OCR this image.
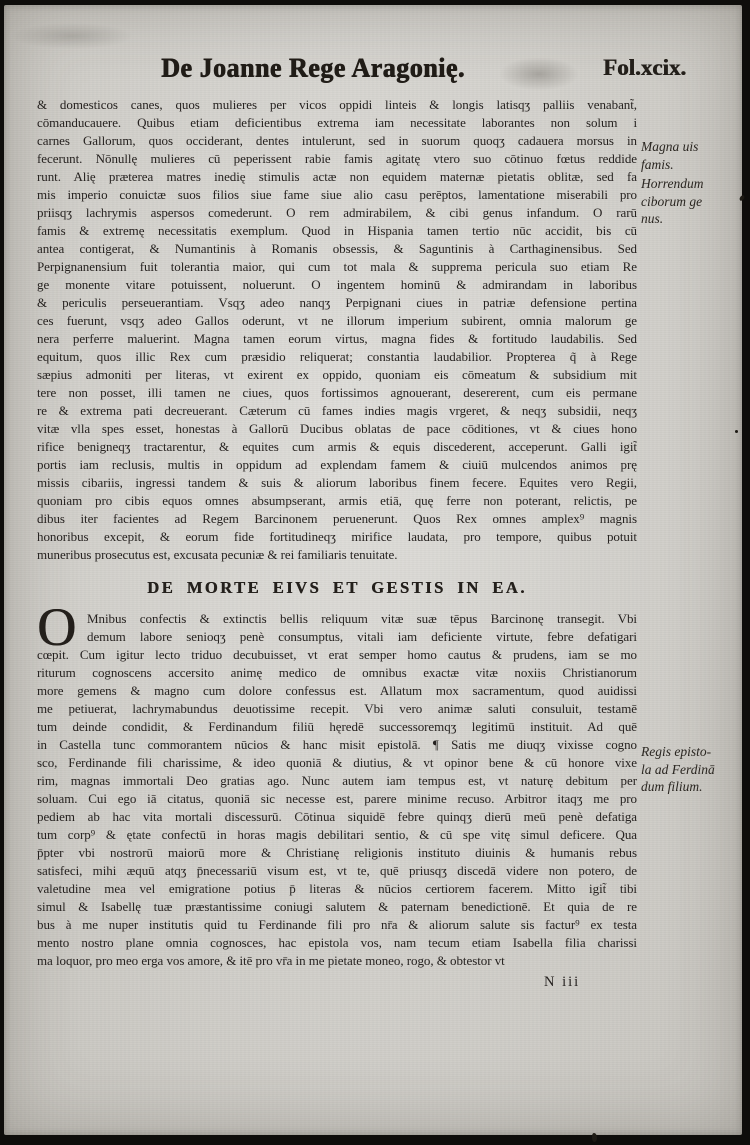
De Joanne Rege Aragonię.	Fol.xcix.
& domesticos canes, quos mulieres per vicos oppidi linteis & longis latisqʒ palliis venabant̃,
cōmanducauere. Quibus etiam deficientibus extrema iam necessitate laborantes non solum i
carnes Gallorum, quos occiderant, dentes intulerunt, sed in suorum quoqʒ cadauera morsus in
fecerunt. Nōnullę mulieres cū peperissent rabie famis agitatę vtero suo cōtinuo fœtus reddide
runt. Alię præterea matres inedię stimulis actæ non equidem maternæ pietatis oblitæ, sed fa
mis imperio conuictæ suos filios siue fame siue alio casu perēptos, lamentatione miserabili pro
priisqʒ lachrymis aspersos comederunt. O rem admirabilem, & cibi genus infandum. O rarū
famis & extremę necessitatis exemplum. Quod in Hispania tamen tertio nūc accidit, bis cū
antea contigerat, & Numantinis à Romanis obsessis, & Saguntinis à Carthaginensibus. Sed
Perpignanensium fuit tolerantia maior, qui cum tot mala & supprema pericula suo etiam Re
ge monente vitare potuissent, noluerunt. O ingentem hominū & admirandam in laboribus
& periculis perseuerantiam. Vsqʒ adeo nanqʒ Perpignani ciues in patriæ defensione pertina
ces fuerunt, vsqʒ adeo Gallos oderunt, vt ne illorum imperium subirent, omnia malorum ge
nera perferre maluerint. Magna tamen eorum virtus, magna fides & fortitudo laudabilis. Sed
equitum, quos illic Rex cum præsidio reliquerat; constantia laudabilior. Propterea q̃ à Rege
sæpius admoniti per literas, vt exirent ex oppido, quoniam eis cōmeatum & subsidium mit
tere non posset, illi tamen ne ciues, quos fortissimos agnouerant, desererent, cum eis permane
re & extrema pati decreuerant. Cæterum cū fames indies magis vrgeret, & neqʒ subsidii, neqʒ
vitæ vlla spes esset, honestas à Gallorū Ducibus oblatas de pace cōditiones, vt & ciues hono
rifice benigneqʒ tractarentur, & equites cum armis & equis discederent, acceperunt. Galli igit̃
portis iam reclusis, multis in oppidum ad explendam famem & ciuiū mulcendos animos prę
missis cibariis, ingressi tandem & suis & aliorum laboribus finem fecere. Equites vero Regii,
quoniam pro cibis equos omnes absumpserant, armis etiā, quę ferre non poterant, relictis, pe
dibus iter facientes ad Regem Barcinonem peruenerunt. Quos Rex omnes amplex⁹ magnis
honoribus excepit, & eorum fide fortitudineqʒ mirifice laudata, pro tempore, quibus potuit
muneribus prosecutus est, excusata pecuniæ & rei familiaris tenuitate.
DE MORTE EIVS ET GESTIS IN EA.
O Mnibus confectis & extinctis bellis reliquum vitæ suæ tēpus Barcinonę transegit. Vbi
demum labore senioqʒ penè consumptus, vitali iam deficiente virtute, febre defatigari
cœpit. Cum igitur lecto triduo decubuisset, vt erat semper homo cautus & prudens, iam se mo
riturum cognoscens accersito animę medico de omnibus exactæ vitæ noxiis Christianorum
more gemens & magno cum dolore confessus est. Allatum mox sacramentum, quod auidissi
me petiuerat, lachrymabundus deuotissime recepit. Vbi vero animæ saluti consuluit, testamē
tum deinde condidit, & Ferdinandum filiū hęredē successoremqʒ legitimū instituit. Ad quē
in Castella tunc commorantem nūcios & hanc misit epistolā. ¶ Satis me diuqʒ vixisse cogno
sco, Ferdinande fili charissime, & ideo quoniā & diutius, & vt opinor bene & cū honore vixe
rim, magnas immortali Deo gratias ago. Nunc autem iam tempus est, vt naturę debitum per
soluam. Cui ego iā citatus, quoniā sic necesse est, parere minime recuso. Arbitror itaqʒ me pro
pediem ab hac vita mortali discessurū. Cōtinua siquidē febre quinqʒ dierū meū penè defatiga
tum corp⁹ & ętate confectū in horas magis debilitari sentio, & cū spe vitę simul deficere. Qua
p̄pter vbi nostrorū maiorū more & Christianę religionis instituto diuinis & humanis rebus
satisfeci, mihi æquū atqʒ p̄necessariū visum est, vt te, quē priusqʒ discedā videre non potero, de
valetudine mea vel emigratione potius p̄ literas & nūcios certiorem facerem. Mitto igit̃ tibi
simul & Isabellę tuæ præstantissime coniugi salutem & paternam benedictionē. Et quia de re
bus à me nuper institutis quid tu Ferdinande fili pro nr̄a & aliorum salute sis factur⁹ ex testa
mento nostro plane omnia cognosces, hac epistola vos, nam tecum etiam Isabella filia charissi
ma loquor, pro meo erga vos amore, & itē pro vr̄a in me pietate moneo, rogo, & obtestor vt
Magna uis
famis.
Horrendum
ciborum ge
nus.
Regis episto-
la ad Ferdinā
dum filium.
N iii
